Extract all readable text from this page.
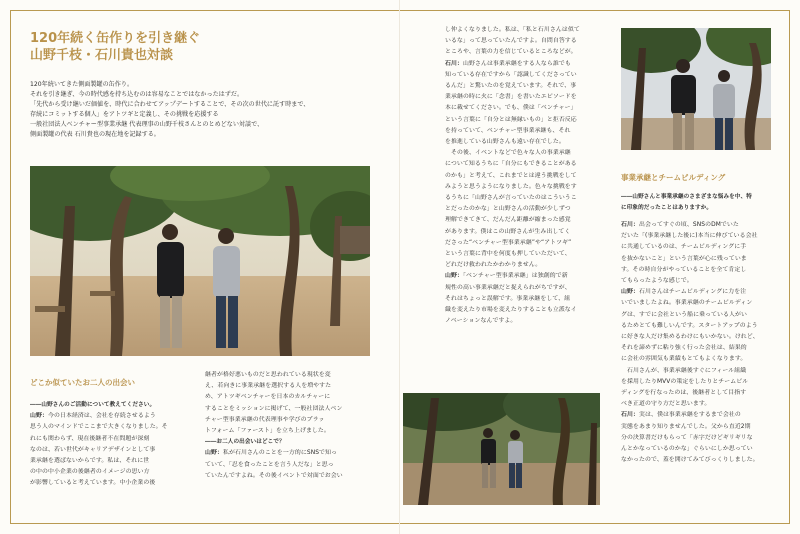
120年続く缶作りを引き継ぐ
山野千枝・石川貴也対談

120年続いてきた側面製罐の缶作り。

それを引き継ぎ、今の時代感を持ち込むのは容易なことではなかったはずだ。

「先代から受け継いだ価値を、時代に合わせてアップデートすることで、その次の世代に託す時まで、

存続にコミットする個人」をアトツギと定義し、その挑戦を応援する

一般社団法人ベンチャー型事業承継 代表理事の山野千枝さんとのとめどない対談で、

側面製罐の代表 石川貴也の現在地を記録する。

どこか似ていたお二人の出会い

――山野さんのご活動について教えてください。

山野：今の日本経済は、会社を存続させるよう

思う人のマインドでここまで大きくなりました。そ

れにも関わらず、現在後継者不在問題が深刻

なのは、若い世代がキャリアデザインとして事

業承継を選ばないからです。私は、それに世

の中の中小企業の後継者のイメージの思い方

が影響していると考えています。中小企業の後

継者が格好悪いものだと思われている現状を変

え、若向きに事業承継を選択する人を増やすた

め、アトツギベンチャーを日本のカルチャーに

することをミッションに掲げて、一般社団法人ベン

チャー型事業承継の代表理事や学びのプラッ

トフォーム「ファースト」を立ち上げました。

――お二人の出会いはどこで？

山野：私が石川さんのことを一方的にSNSで知っ

ていて、「忍を食ったことを言う人だな」と思っ

ていたんですよね。その後イベントで対面でお会い

し仲よくなりました。私は、「私と石川さんは似て

いるな」って思っていたんですよ。自問自答する

ところや、言葉の力を信じているところなどが。

石川：山野さんは事業承継をする人なら誰でも

知っている存在ですから「認識してくださってい

るんだ」と驚いたのを覚えています。それで、事

業承継の時に火に「念書」を書いたエピソードを

本に載せてください。でも、僕は「ベンチャー」

という言葉に「自分とは無縁いもの」と拒否反応

を持っていて、ベンチャー型事業承継も、それ

を推進している山野さんも遠い存在でした。

　その後、イベントなどで色々な人の事業承継

について知るうちに「自分にもできることがある

のかも」と考えて、これまでとは違う挑戦をして

みようと思うようになりました。色々な挑戦をす

るうちに「山野さんが言っていたのはこういうこ

とだったのかな」と山野さんの活動が少しずつ

理解できてきて、だんだん距離が縮まった感覚

があります。僕はこの山野さんが生み出してく

ださった“ベンチャー型事業承継”や“アトツギ”

という言葉に背中を何度も押していただいて、

どれだけ救われたかわかりません。

山野：「ベンチャー型事業承継」は独創的で新

規性の高い事業承継だと捉えられがちですが、

それはちょっと誤解です。事業承継をして、組

織を変えたり市場を変えたりすることも立派なイ

ノベーションなんですよ。

事業承継とチームビルディング

――山野さんと事業承継のさまざまな悩みを中、特

に印象的だったことはありますか。

石川：出会ってすぐの頃、SNSのDMでいた

だいた「(事業承継した後に)本当に伸びている会社

に共通しているのは、チームビルディングに手

を抜かないこと」という言葉が心に残っていま

す。その時自分がやっていることを全て肯定し

てもらったような感じで。

山野：石川さんはチームビルディングに力を注

いでいましたよね。事業承継のチームビルディン

グは、すでに会社という船に乗っている人がい

るためとても難しいんです。スタートアップのよう

に好きな人だけ集めるわけにもいかない。けれど、

それを諦めずに粘り強く行った会社は、結果的

に会社の雰囲気も業績もとてもよくなります。

　石川さんが、事業承継後すぐにフィール組織

を採用したりMVVの策定をしたりとチームビル

ディングを行なったのは、後継者として目指す

べき正道の守り方だと思います。

石川：実は、僕は事業承継をするまで会社の

実態をあまり知りませんでした。父から直近2期

分の決算書だけもらって「赤字だけどギリギリな

んとかなっているのかな」ぐらいにしか思ってい

なかったので、蓋を開けてみてびっくりしました。
